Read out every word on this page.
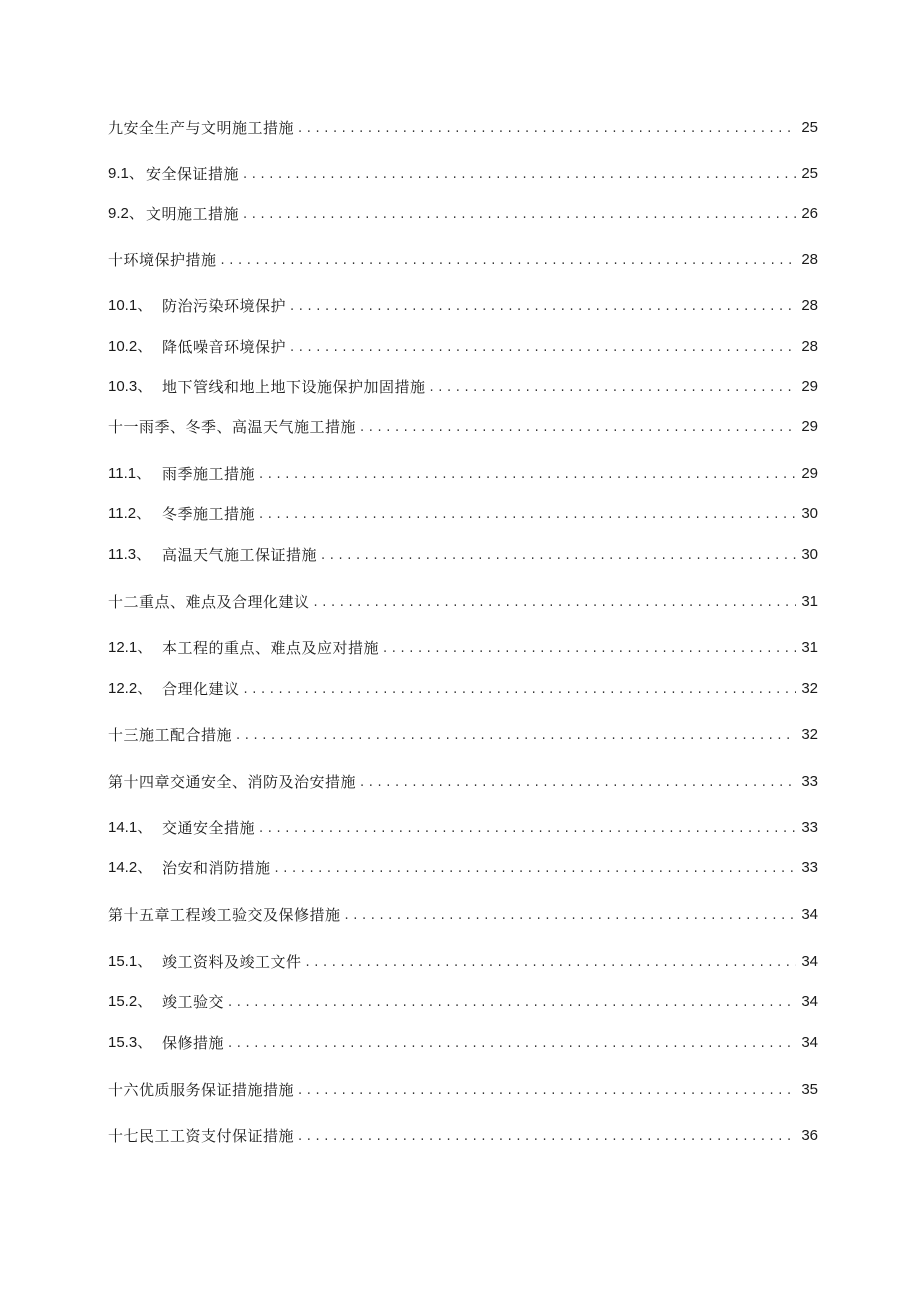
九安全生产与文明施工措施 .....	25
9.1、 安全保证措施 .....	25
9.2、 文明施工措施 .....	26
十环境保护措施 .....	28
10.1、 防治污染环境保护 .....	28
10.2、 降低噪音环境保护 .....	28
10.3、 地下管线和地上地下设施保护加固措施 .....	29
十一雨季、冬季、高温天气施工措施 .....	29
11.1、 雨季施工措施 .....	29
11.2、 冬季施工措施 .....	30
11.3、 高温天气施工保证措施 .....	30
十二重点、难点及合理化建议 .....	31
12.1、 本工程的重点、难点及应对措施 .....	31
12.2、 合理化建议 .....	32
十三施工配合措施 .....	32
第十四章交通安全、消防及治安措施 .....	33
14.1、 交通安全措施 .....	33
14.2、 治安和消防措施 .....	33
第十五章工程竣工验交及保修措施 .....	34
15.1、 竣工资料及竣工文件 .....	34
15.2、 竣工验交 .....	34
15.3、 保修措施 .....	34
十六优质服务保证措施措施 .....	35
十七民工工资支付保证措施 .....	36
